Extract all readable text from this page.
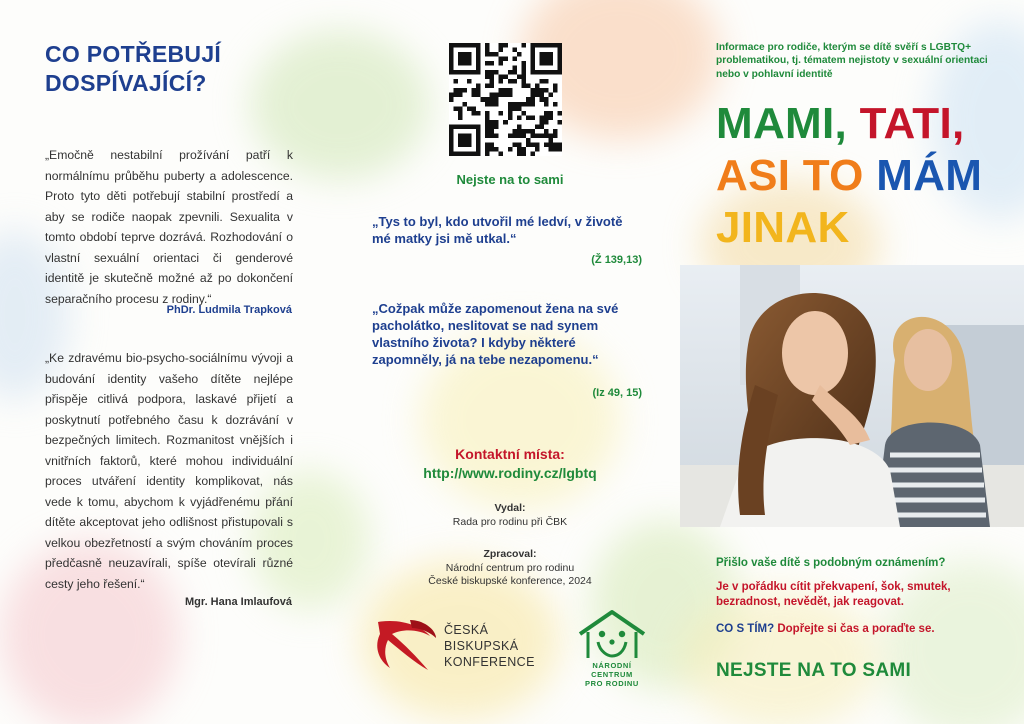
CO POTŘEBUJÍ DOSPÍVAJÍCÍ?
„Emočně nestabilní prožívání patří k normálnímu průběhu puberty a adolescence. Proto tyto děti potřebují stabilní prostředí a aby se rodiče naopak zpevnili. Sexualita v tomto období teprve dozrává. Rozhodování o vlastní sexuální orientaci či genderové identitě je skutečně možné až po dokončení separačního procesu z rodiny.“
PhDr. Ludmila Trapková
„Ke zdravému bio-psycho-sociálnímu vývoji a budování identity vašeho dítěte nejlépe přispěje citlivá podpora, laskavé přijetí a poskytnutí potřebného času k dozrávání v bezpečných limitech. Rozmanitost vnějších i vnitřních faktorů, které mohou individuální proces utváření identity komplikovat, nás vede k tomu, abychom k vyjádřenému přání dítěte akceptovat jeho odlišnost přistupovali s velkou obezřetností a svým chováním proces předčasně neuzavírali, spíše otevírali různé cesty jeho řešení.“
Mgr. Hana Imlaufová
Nejste na to sami
„Tys to byl, kdo utvořil mé ledví, v životě mé matky jsi mě utkal.“
(Ž 139,13)
„Cožpak může zapomenout žena na své pacholátko, neslitovat se nad synem vlastního života? I kdyby některé zapomněly, já na tebe nezapomenu.“
(Iz 49, 15)
Kontaktní místa:
http://www.rodiny.cz/lgbtq
Vydal:
Rada pro rodinu při ČBK
Zpracoval:
Národní centrum pro rodinu
České biskupské konference, 2024
ČESKÁ
BISKUPSKÁ
KONFERENCE	NÁRODNÍ
CENTRUM
PRO RODINU
Informace pro rodiče, kterým se dítě svěří s LGBTQ+ problematikou, tj. tématem nejistoty v sexuální orientaci nebo v pohlavní identitě
MAMI, TATI,
ASI TO MÁM
JINAK
Přišlo vaše dítě s podobným oznámením?
Je v pořádku cítit překvapení, šok, smutek, bezradnost, nevědět, jak reagovat.
CO S TÍM? Dopřejte si čas a poraďte se.
NEJSTE NA TO SAMI
